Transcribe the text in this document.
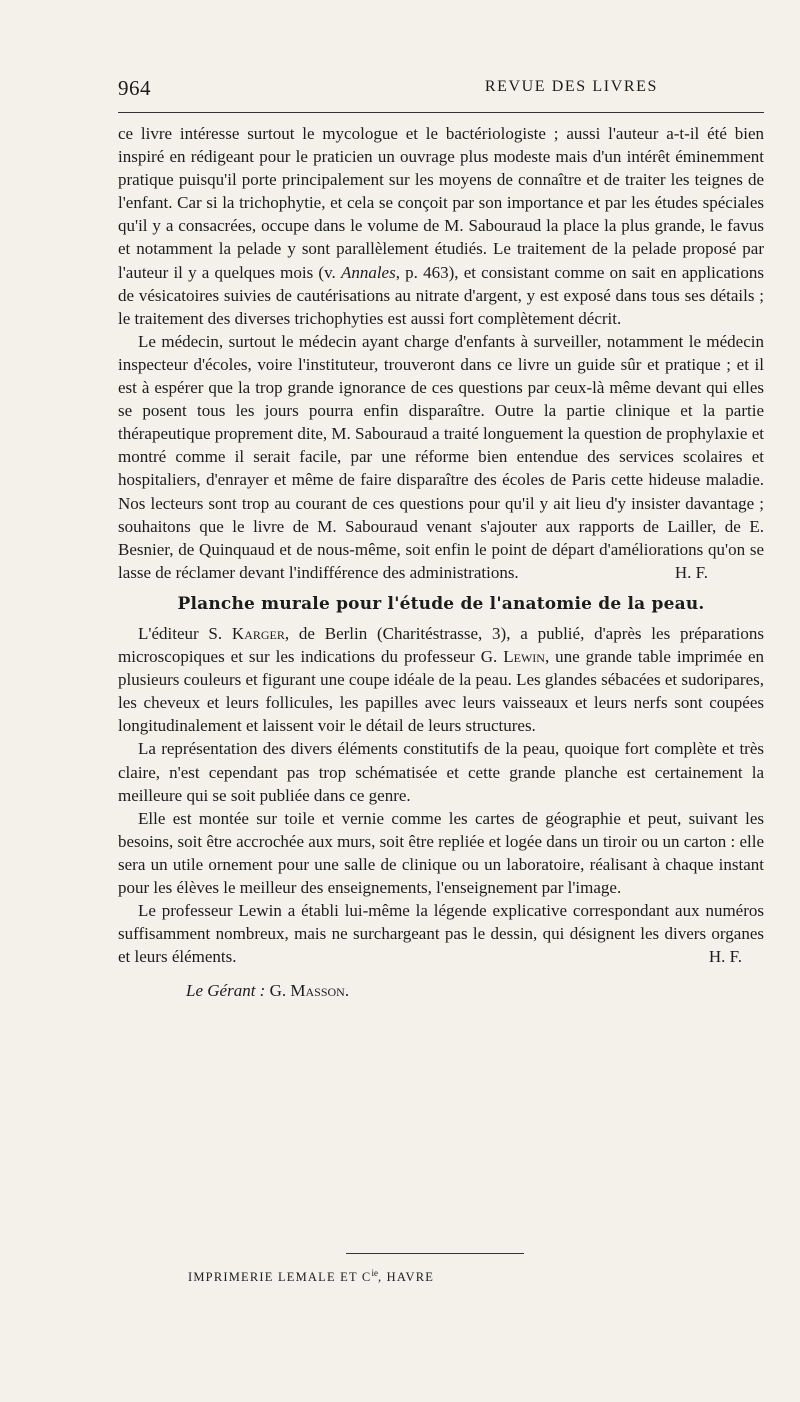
964	REVUE DES LIVRES

ce livre intéresse surtout le mycologue et le bactériologiste ; aussi l'auteur a-t-il été bien inspiré en rédigeant pour le praticien un ouvrage plus modeste mais d'un intérêt éminemment pratique puisqu'il porte principalement sur les moyens de connaître et de traiter les teignes de l'enfant. Car si la trichophytie, et cela se conçoit par son importance et par les études spéciales qu'il y a consacrées, occupe dans le volume de M. Sabouraud la place la plus grande, le favus et notamment la pelade y sont parallèlement étudiés. Le traitement de la pelade proposé par l'auteur il y a quelques mois (v. Annales, p. 463), et consistant comme on sait en applications de vésicatoires suivies de cautérisations au nitrate d'argent, y est exposé dans tous ses détails ; le traitement des diverses trichophyties est aussi fort complètement décrit.

Le médecin, surtout le médecin ayant charge d'enfants à surveiller, notamment le médecin inspecteur d'écoles, voire l'instituteur, trouveront dans ce livre un guide sûr et pratique ; et il est à espérer que la trop grande ignorance de ces questions par ceux-là même devant qui elles se posent tous les jours pourra enfin disparaître. Outre la partie clinique et la partie thérapeutique proprement dite, M. Sabouraud a traité longuement la question de prophylaxie et montré comme il serait facile, par une réforme bien entendue des services scolaires et hospitaliers, d'enrayer et même de faire disparaître des écoles de Paris cette hideuse maladie. Nos lecteurs sont trop au courant de ces questions pour qu'il y ait lieu d'y insister davantage ; souhaitons que le livre de M. Sabouraud venant s'ajouter aux rapports de Lailler, de E. Besnier, de Quinquaud et de nous-même, soit enfin le point de départ d'améliorations qu'on se lasse de réclamer devant l'indifférence des administrations.	H. F.

Planche murale pour l'étude de l'anatomie de la peau.

L'éditeur S. Karger, de Berlin (Charitéstrasse, 3), a publié, d'après les préparations microscopiques et sur les indications du professeur G. Lewin, une grande table imprimée en plusieurs couleurs et figurant une coupe idéale de la peau. Les glandes sébacées et sudoripares, les cheveux et leurs follicules, les papilles avec leurs vaisseaux et leurs nerfs sont coupées longitudinalement et laissent voir le détail de leurs structures.

La représentation des divers éléments constitutifs de la peau, quoique fort complète et très claire, n'est cependant pas trop schématisée et cette grande planche est certainement la meilleure qui se soit publiée dans ce genre.

Elle est montée sur toile et vernie comme les cartes de géographie et peut, suivant les besoins, soit être accrochée aux murs, soit être repliée et logée dans un tiroir ou un carton : elle sera un utile ornement pour une salle de clinique ou un laboratoire, réalisant à chaque instant pour les élèves le meilleur des enseignements, l'enseignement par l'image.

Le professeur Lewin a établi lui-même la légende explicative correspondant aux numéros suffisamment nombreux, mais ne surchargeant pas le dessin, qui désignent les divers organes et leurs éléments.	H. F.

Le Gérant : G. Masson.
IMPRIMERIE LEMALE ET $C^{ie}$, HAVRE
